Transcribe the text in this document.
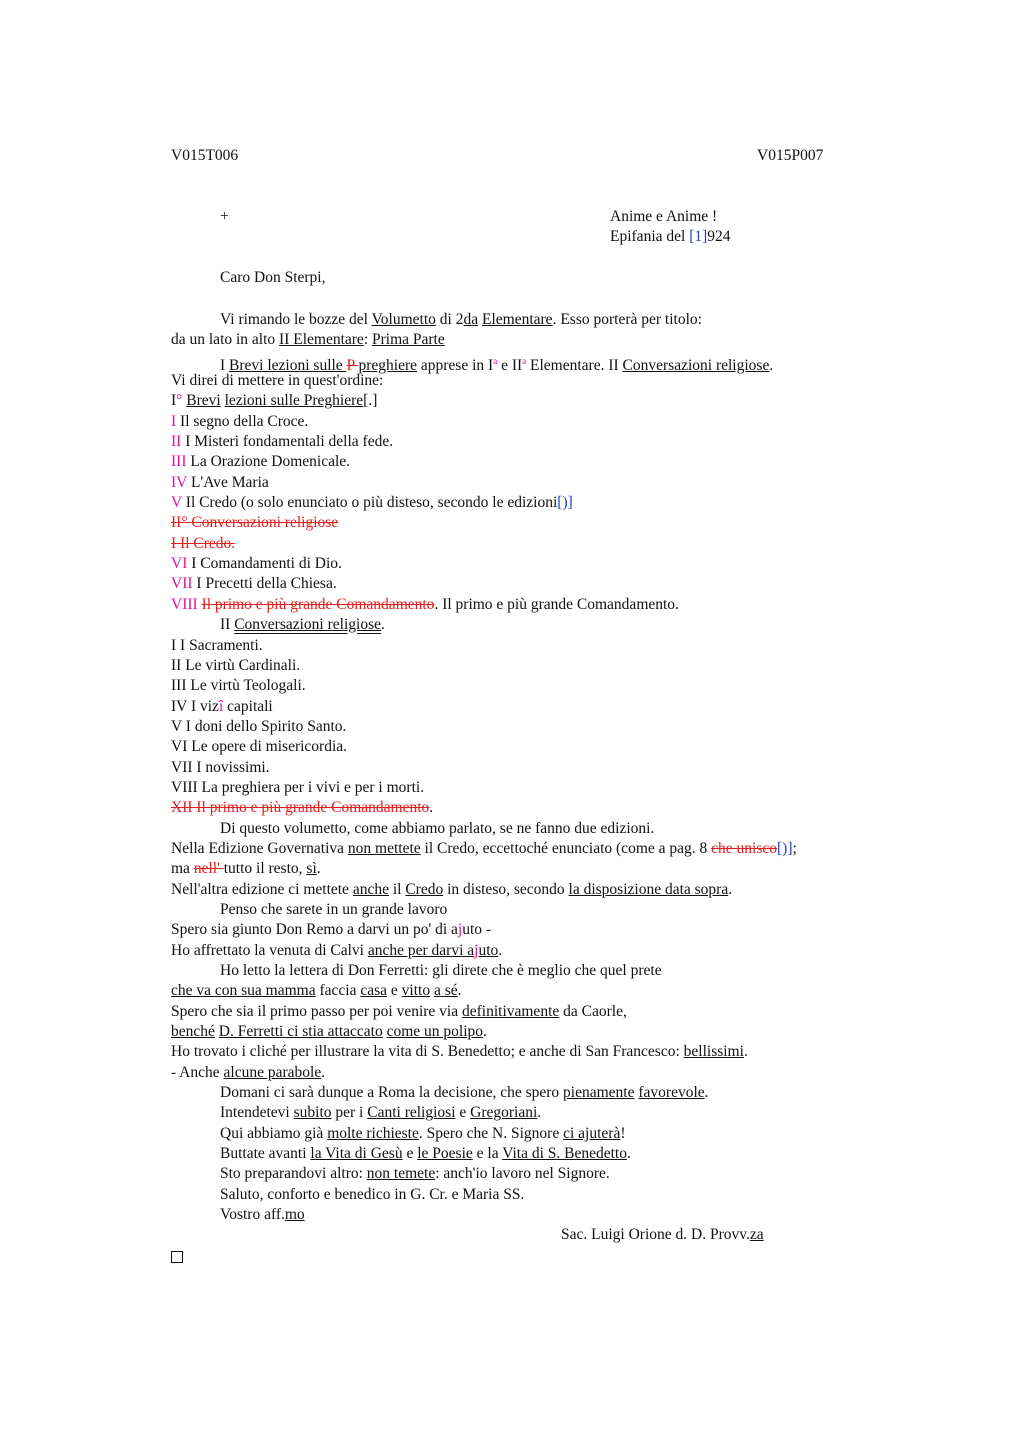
V015T006	V015P007
+	Anime e Anime !
Epifania del [1]924
Caro Don Sterpi,
Vi rimando le bozze del Volumetto di 2da Elementare. Esso porterà per titolo:
da un lato in alto II Elementare: Prima Parte
I Brevi lezioni sulle P preghiere apprese in $I^a$ e $II^a$ Elementare. II Conversazioni religiose.
Vi direi di mettere in quest'ordine:
I° Brevi lezioni sulle Preghiere[.]
I Il segno della Croce.
II I Misteri fondamentali della fede.
III La Orazione Domenicale.
IV L'Ave Maria
V Il Credo (o solo enunciato o più disteso, secondo le edizioni[)]
II° Conversazioni religiose
I Il Credo.
VI I Comandamenti di Dio.
VII I Precetti della Chiesa.
VIII Il primo e più grande Comandamento. Il primo e più grande Comandamento.
II Conversazioni religiose.
I I Sacramenti.
II Le virtù Cardinali.
III Le virtù Teologali.
IV I vizî capitali
V I doni dello Spirito Santo.
VI Le opere di misericordia.
VII I novissimi.
VIII La preghiera per i vivi e per i morti.
XII Il primo e più grande Comandamento.
Di questo volumetto, come abbiamo parlato, se ne fanno due edizioni.
Nella Edizione Governativa non mettete il Credo, eccettoché enunciato (come a pag. 8 che unisco[)];
ma nell' tutto il resto, sì.
Nell'altra edizione ci mettete anche il Credo in disteso, secondo la disposizione data sopra.
Penso che sarete in un grande lavoro
Spero sia giunto Don Remo a darvi un po' di ajuto -
Ho affrettato la venuta di Calvi anche per darvi ajuto.
Ho letto la lettera di Don Ferretti: gli direte che è meglio che quel prete
che va con sua mamma faccia casa e vitto a sé.
Spero che sia il primo passo per poi venire via definitivamente da Caorle,
benché D. Ferretti ci stia attaccato come un polipo.
Ho trovato i cliché per illustrare la vita di S. Benedetto; e anche di San Francesco: bellissimi.
- Anche alcune parabole.
Domani ci sarà dunque a Roma la decisione, che spero pienamente favorevole.
Intendetevi subito per i Canti religiosi e Gregoriani.
Qui abbiamo già molte richieste. Spero che N. Signore ci ajuterà!
Buttate avanti la Vita di Gesù e le Poesie e la Vita di S. Benedetto.
Sto preparandovi altro: non temete: anch'io lavoro nel Signore.
Saluto, conforto e benedico in G. Cr. e Maria SS.
Vostro aff.mo
Sac. Luigi Orione d. D. Provv.za
